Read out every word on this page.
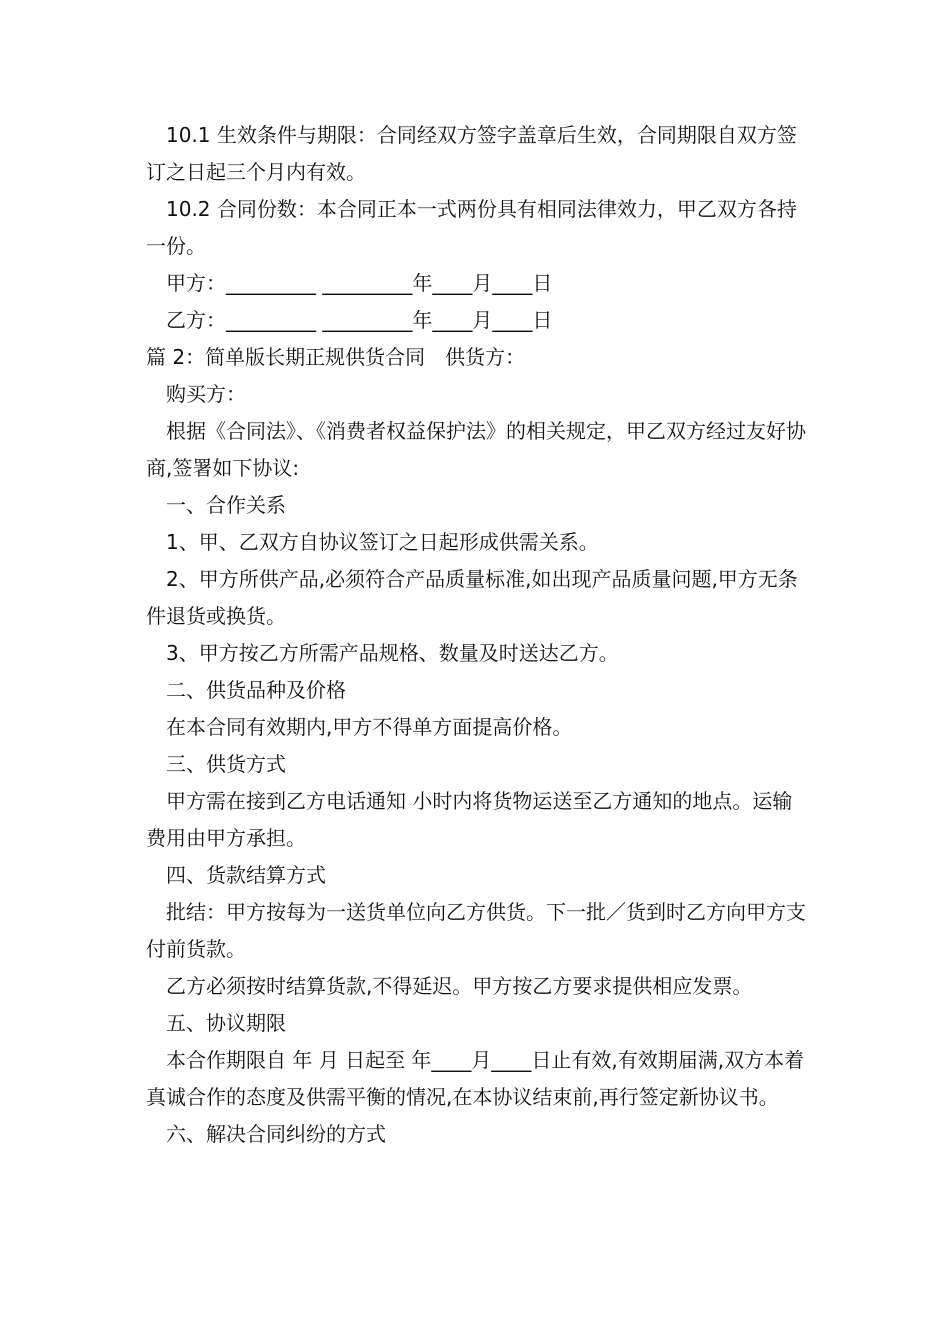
10.1 生效条件与期限：合同经双方签字盖章后生效，合同期限自双方签订之日起三个月内有效。

10.2 合同份数：本合同正本一式两份具有相同法律效力，甲乙双方各持一份。

甲方：_________ _________年____月____日

乙方：_________ _________年____月____日

篇 2：简单版长期正规供货合同　供货方：

购买方：

根据《合同法》、《消费者权益保护法》的相关规定，甲乙双方经过友好协商,签署如下协议:

一、合作关系

1、甲、乙双方自协议签订之日起形成供需关系。

2、甲方所供产品,必须符合产品质量标准,如出现产品质量问题,甲方无条件退货或换货。

3、甲方按乙方所需产品规格、数量及时送达乙方。

二、供货品种及价格

在本合同有效期内,甲方不得单方面提高价格。

三、供货方式

甲方需在接到乙方电话通知 小时内将货物运送至乙方通知的地点。运输费用由甲方承担。

四、货款结算方式

批结：甲方按每为一送货单位向乙方供货。下一批／货到时乙方向甲方支付前货款。

乙方必须按时结算货款,不得延迟。甲方按乙方要求提供相应发票。

五、协议期限

本合作期限自 年 月 日起至 年____月____日止有效,有效期届满,双方本着真诚合作的态度及供需平衡的情况,在本协议结束前,再行签定新协议书。

六、解决合同纠纷的方式
